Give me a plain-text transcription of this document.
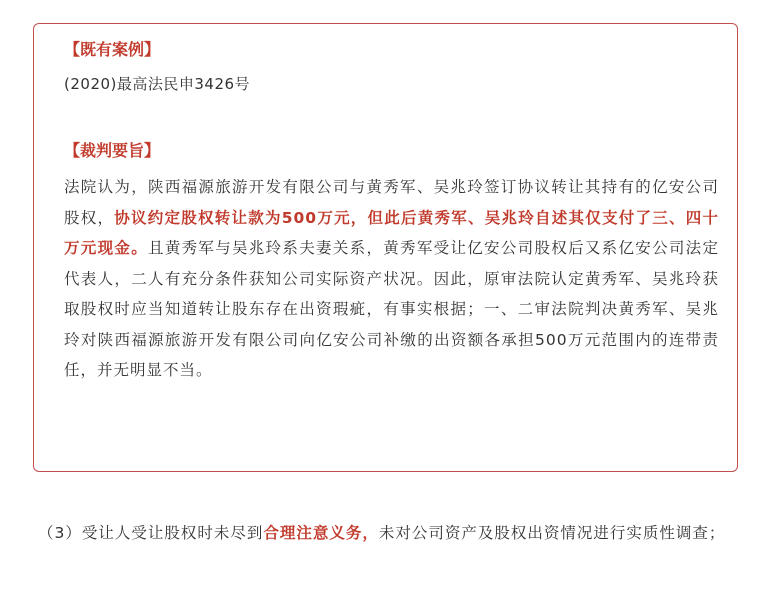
【既有案例】
(2020)最高法民申3426号
【裁判要旨】
法院认为，陕西福源旅游开发有限公司与黄秀军、吴兆玲签订协议转让其持有的亿安公司股权，协议约定股权转让款为500万元，但此后黄秀军、吴兆玲自述其仅支付了三、四十万元现金。且黄秀军与吴兆玲系夫妻关系，黄秀军受让亿安公司股权后又系亿安公司法定代表人，二人有充分条件获知公司实际资产状况。因此，原审法院认定黄秀军、吴兆玲获取股权时应当知道转让股东存在出资瑕疵，有事实根据；一、二审法院判决黄秀军、吴兆玲对陕西福源旅游开发有限公司向亿安公司补缴的出资额各承担500万元范围内的连带责任，并无明显不当。
（3）受让人受让股权时未尽到合理注意义务，未对公司资产及股权出资情况进行实质性调查；
